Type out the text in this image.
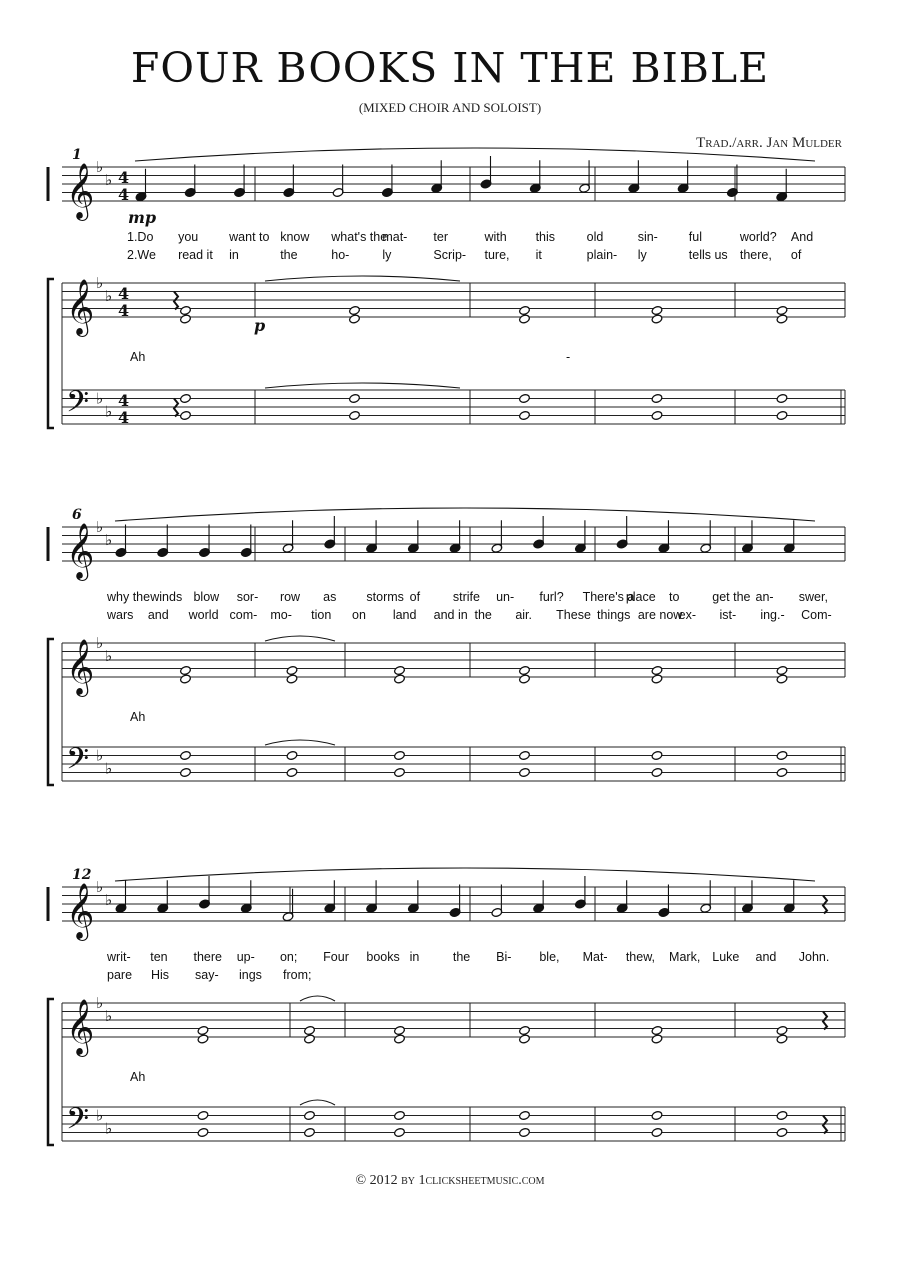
FOUR BOOKS IN THE BIBLE
(MIXED CHOIR AND SOLOIST)
Trad./arr. Jan Mulder
1
1.Do you want to know what's the
mat- ter	with this	old	sin- ful	world? And
2.We read it in	the	ho-	ly	Scrip- ture, it	plain- ly	tells us there, of
Ah	-
mp
p
𝄞 ♭
♭ 4
4
𝄞 ♭
♭ 4
4
𝄢 ♭
♭
4
4
6
why the winds blow sor- row as storms of	strife un- furl? There's a
place to	get the an- swer,
wars and world com- mo- tion on land and in the air. These things are now
ex- ist- ing.- Com-
Ah
𝄞 ♭
♭
𝄞 ♭
♭
𝄢 ♭
♭
12
writ- ten there up- on; Four books in	the Bi- ble, Mat- thew, Mark, Luke and John.
pare His say- ings from;
Ah
𝄞 ♭
♭
𝄞 ♭
♭
𝄢 ♭
♭
© 2012 by 1clicksheetmusic.com
